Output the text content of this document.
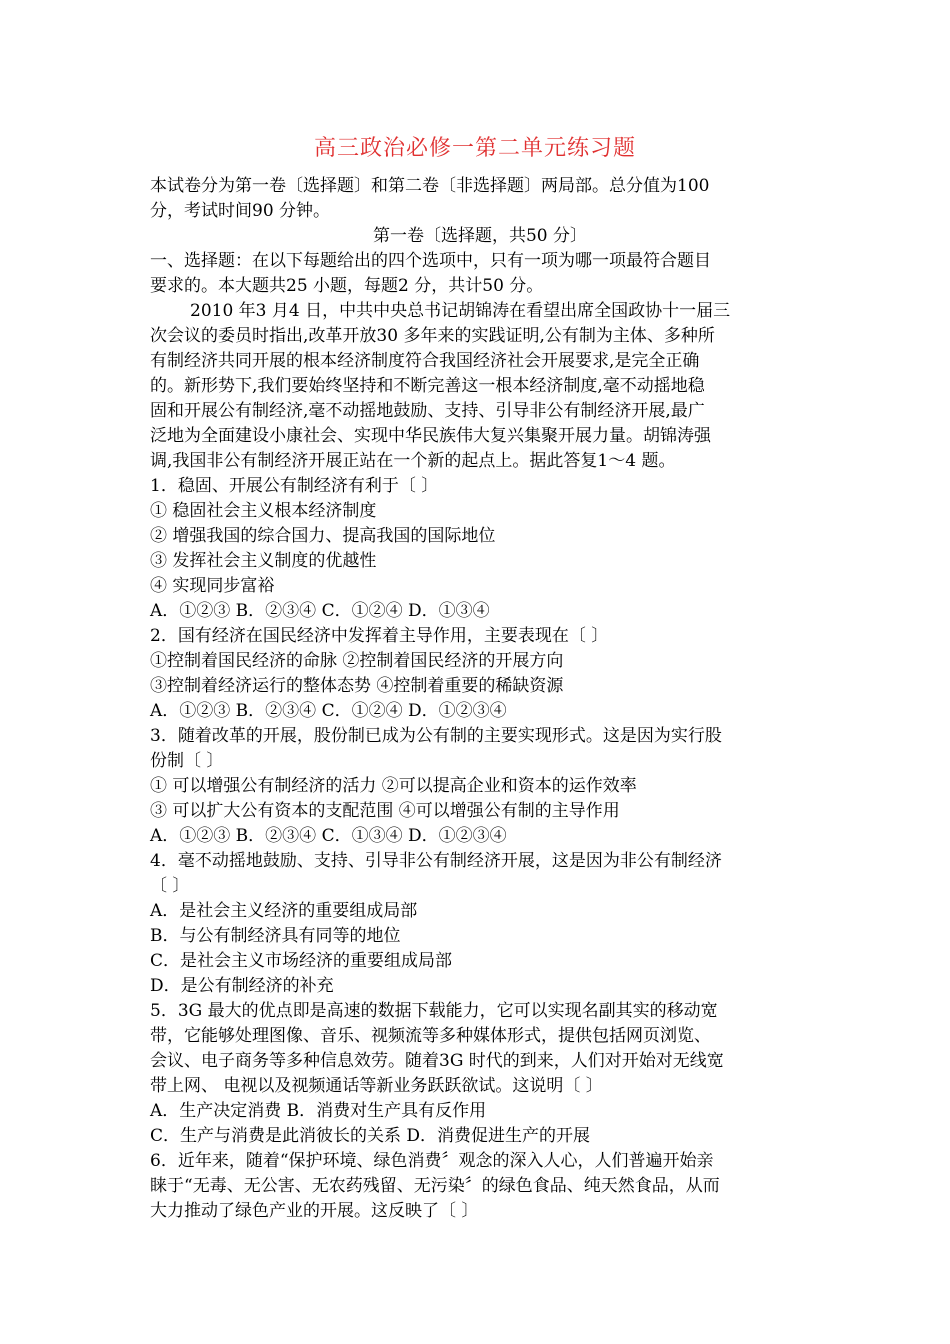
高三政治必修一第二单元练习题
本试卷分为第一卷〔选择题〕和第二卷〔非选择题〕两局部。总分值为100
分，考试时间90 分钟。
第一卷〔选择题，共50 分〕
一、选择题：在以下每题给出的四个选项中，只有一项为哪一项最符合题目
要求的。本大题共25 小题，每题2 分，共计50 分。
2010 年3 月4 日，中共中央总书记胡锦涛在看望出席全国政协十一届三
次会议的委员时指出,改革开放30 多年来的实践证明,公有制为主体、多种所
有制经济共同开展的根本经济制度符合我国经济社会开展要求,是完全正确
的。新形势下,我们要始终坚持和不断完善这一根本经济制度,毫不动摇地稳
固和开展公有制经济,毫不动摇地鼓励、支持、引导非公有制经济开展,最广
泛地为全面建设小康社会、实现中华民族伟大复兴集聚开展力量。胡锦涛强
调,我国非公有制经济开展正站在一个新的起点上。据此答复1～4 题。
1．稳固、开展公有制经济有利于〔 〕
① 稳固社会主义根本经济制度
② 增强我国的综合国力、提高我国的国际地位
③ 发挥社会主义制度的优越性
④ 实现同步富裕
A．①②③ B．②③④ C．①②④ D．①③④
2．国有经济在国民经济中发挥着主导作用，主要表现在〔 〕
①控制着国民经济的命脉 ②控制着国民经济的开展方向
③控制着经济运行的整体态势 ④控制着重要的稀缺资源
A．①②③ B．②③④ C．①②④ D．①②③④
3．随着改革的开展，股份制已成为公有制的主要实现形式。这是因为实行股
份制〔 〕
① 可以增强公有制经济的活力 ②可以提高企业和资本的运作效率
③ 可以扩大公有资本的支配范围 ④可以增强公有制的主导作用
A．①②③ B．②③④ C．①③④ D．①②③④
4．毫不动摇地鼓励、支持、引导非公有制经济开展，这是因为非公有制经济
〔 〕
A．是社会主义经济的重要组成局部
B．与公有制经济具有同等的地位
C．是社会主义市场经济的重要组成局部
D．是公有制经济的补充
5．3G 最大的优点即是高速的数据下载能力，它可以实现名副其实的移动宽
带，它能够处理图像、音乐、视频流等多种媒体形式，提供包括网页浏览、
会议、电子商务等多种信息效劳。随着3G 时代的到来，人们对开始对无线宽
带上网、 电视以及视频通话等新业务跃跃欲试。这说明〔 〕
A．生产决定消费 B．消费对生产具有反作用
C．生产与消费是此消彼长的关系 D．消费促进生产的开展
6．近年来，随着“保护环境、绿色消费〞观念的深入人心，人们普遍开始亲
睐于“无毒、无公害、无农药残留、无污染〞的绿色食品、纯天然食品，从而
大力推动了绿色产业的开展。这反映了〔 〕
